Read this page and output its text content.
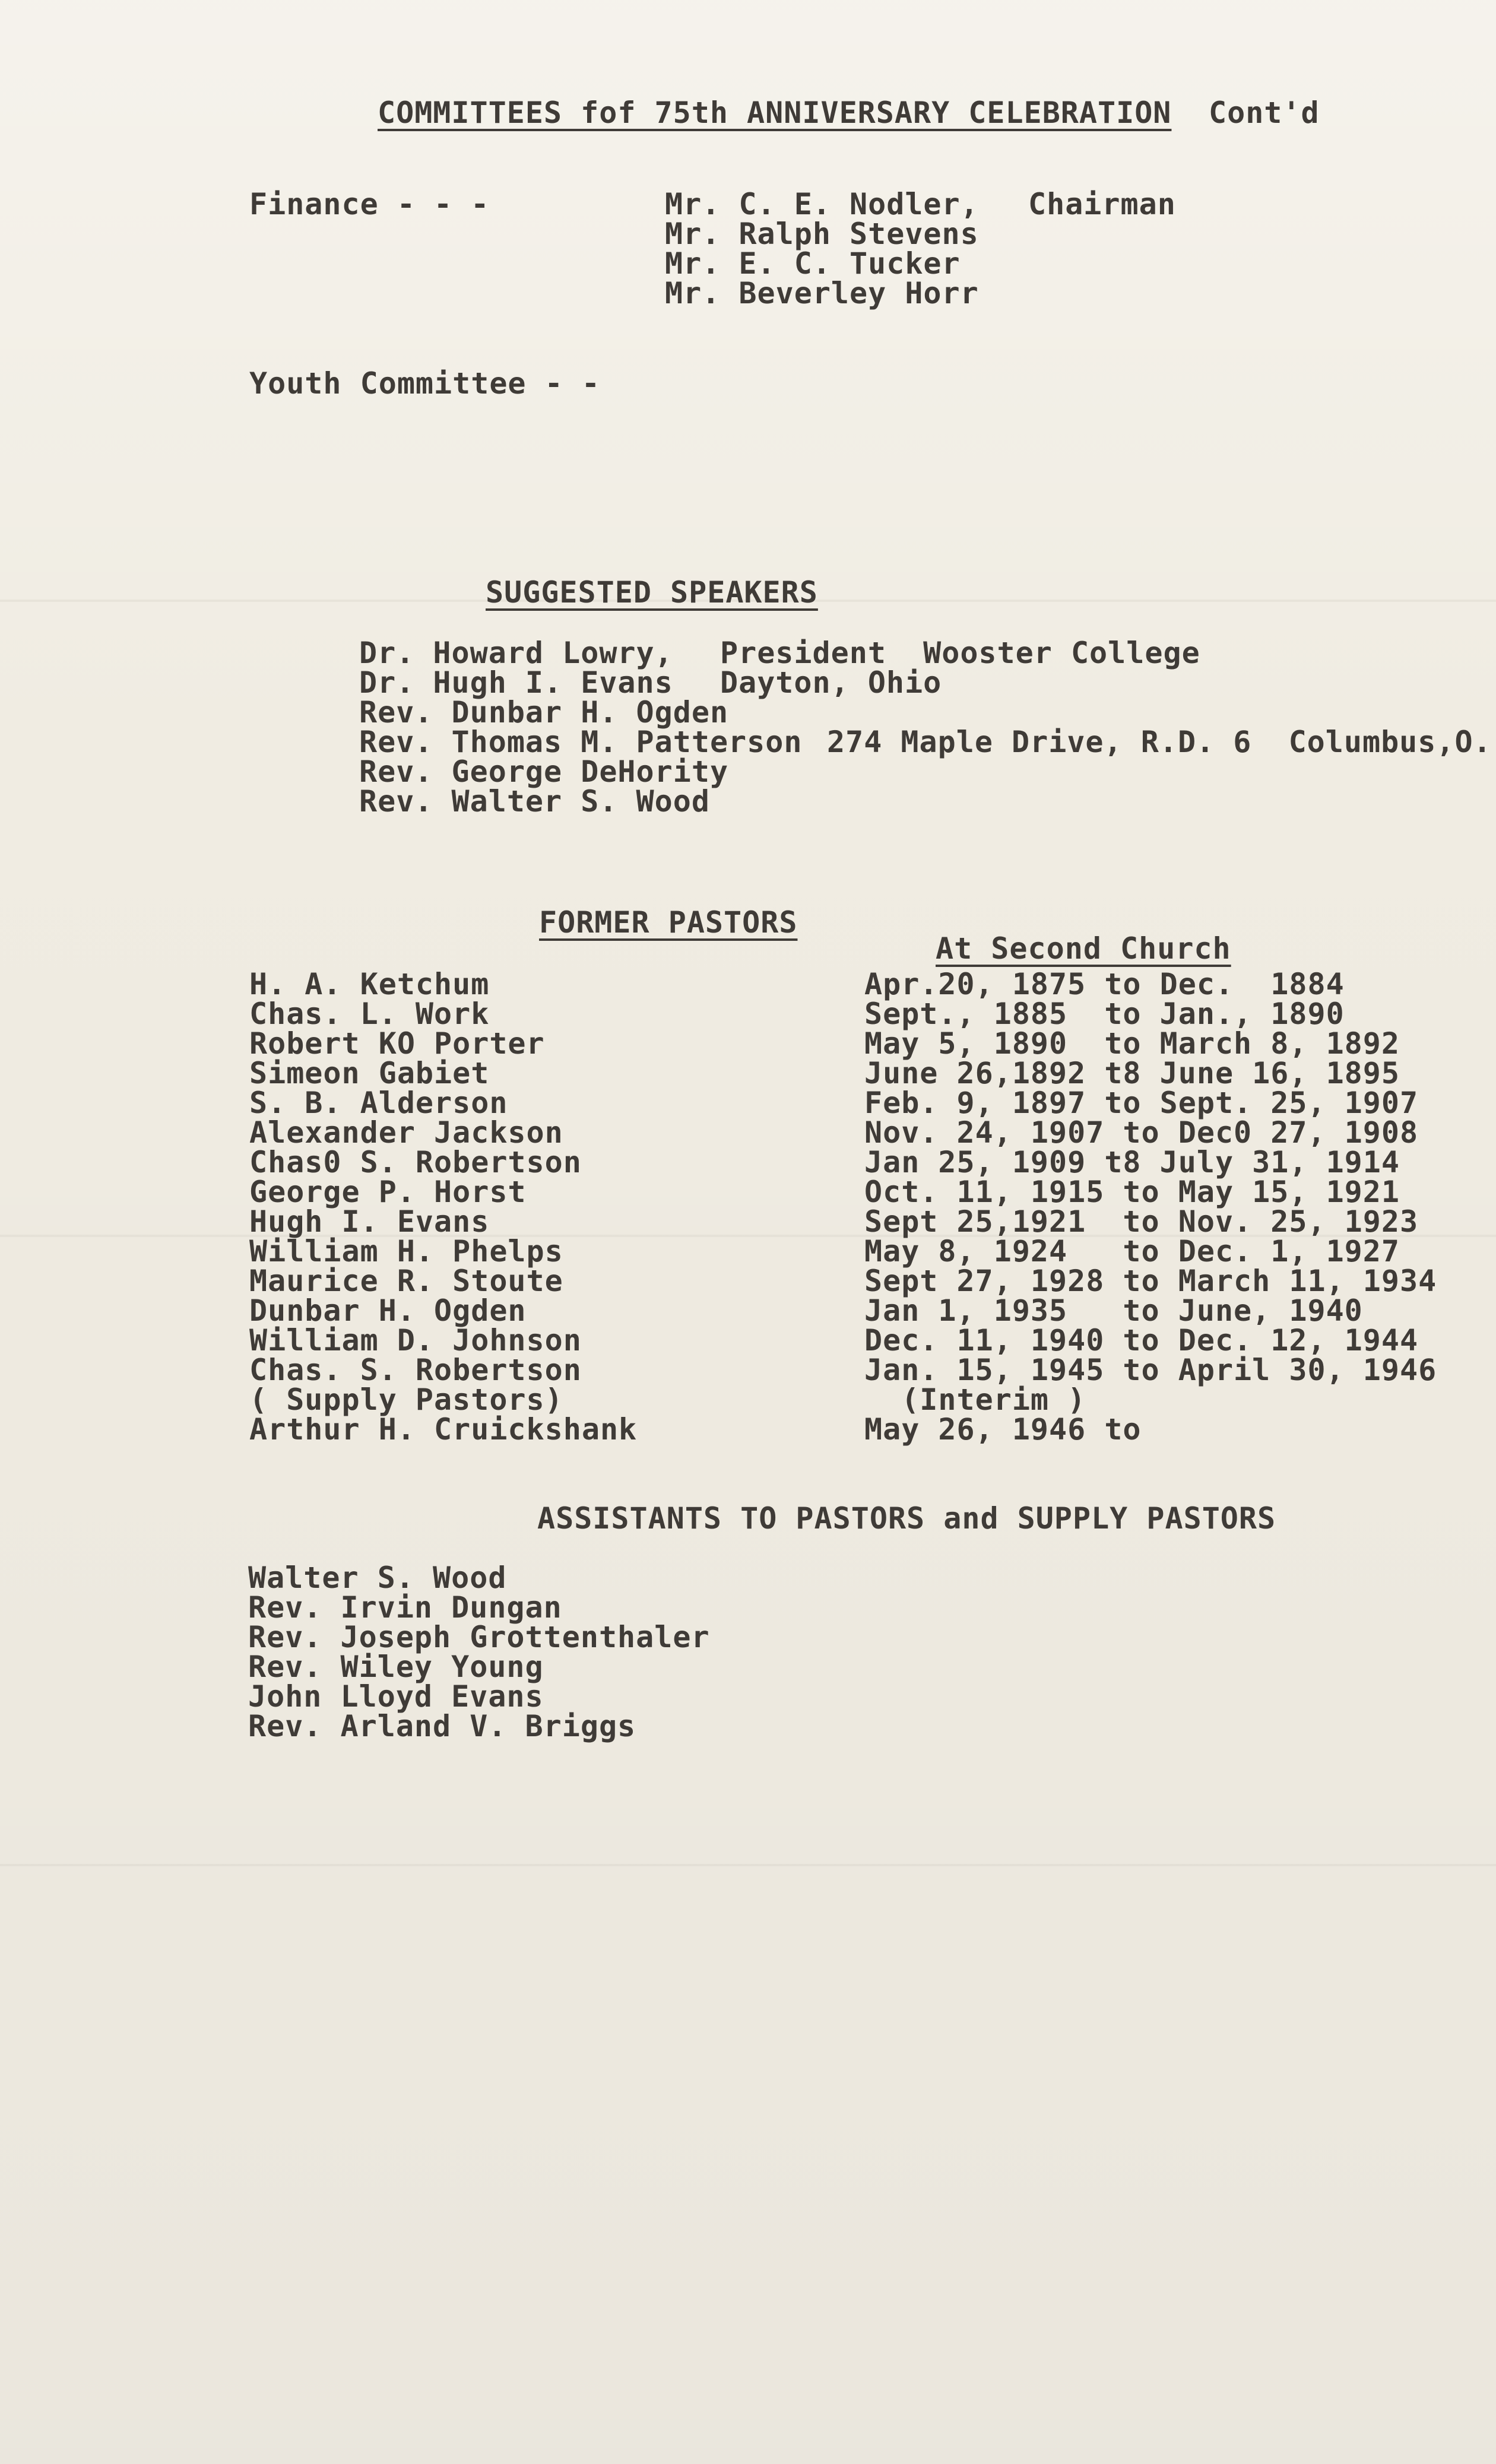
COMMITTEES fof 75th ANNIVERSARY CELEBRATION Cont'd
Finance - - -	Mr. C. E. Nodler, Chairman
Mr. Ralph Stevens
Mr. E. C. Tucker
Mr. Beverley Horr
Youth Committee - -
SUGGESTED SPEAKERS
Dr. Howard Lowry, President  Wooster College
Dr. Hugh I. Evans Dayton, Ohio
Rev. Dunbar H. Ogden
Rev. Thomas M. Patterson 274 Maple Drive, R.D. 6  Columbus,O.
Rev. George DeHority
Rev. Walter S. Wood
FORMER PASTORS
At Second Church
H. A. Ketchum	Apr.20, 1875 to Dec.  1884
Chas. L. Work	Sept., 1885  to Jan., 1890
Robert KO Porter	May 5, 1890  to March 8, 1892
Simeon Gabiet	June 26,1892 t8 June 16, 1895
S. B. Alderson	Feb. 9, 1897 to Sept. 25, 1907
Alexander Jackson	Nov. 24, 1907 to Dec0 27, 1908
Chas0 S. Robertson	Jan 25, 1909 t8 July 31, 1914
George P. Horst	Oct. 11, 1915 to May 15, 1921
Hugh I. Evans	Sept 25,1921  to Nov. 25, 1923
William H. Phelps	May 8, 1924   to Dec. 1, 1927
Maurice R. Stoute	Sept 27, 1928 to March 11, 1934
Dunbar H. Ogden	Jan 1, 1935   to June, 1940
William D. Johnson	Dec. 11, 1940 to Dec. 12, 1944
Chas. S. Robertson	Jan. 15, 1945 to April 30, 1946
( Supply Pastors)	(Interim )
Arthur H. Cruickshank	May 26, 1946 to
ASSISTANTS TO PASTORS and SUPPLY PASTORS
Walter S. Wood
Rev. Irvin Dungan
Rev. Joseph Grottenthaler
Rev. Wiley Young
John Lloyd Evans
Rev. Arland V. Briggs
